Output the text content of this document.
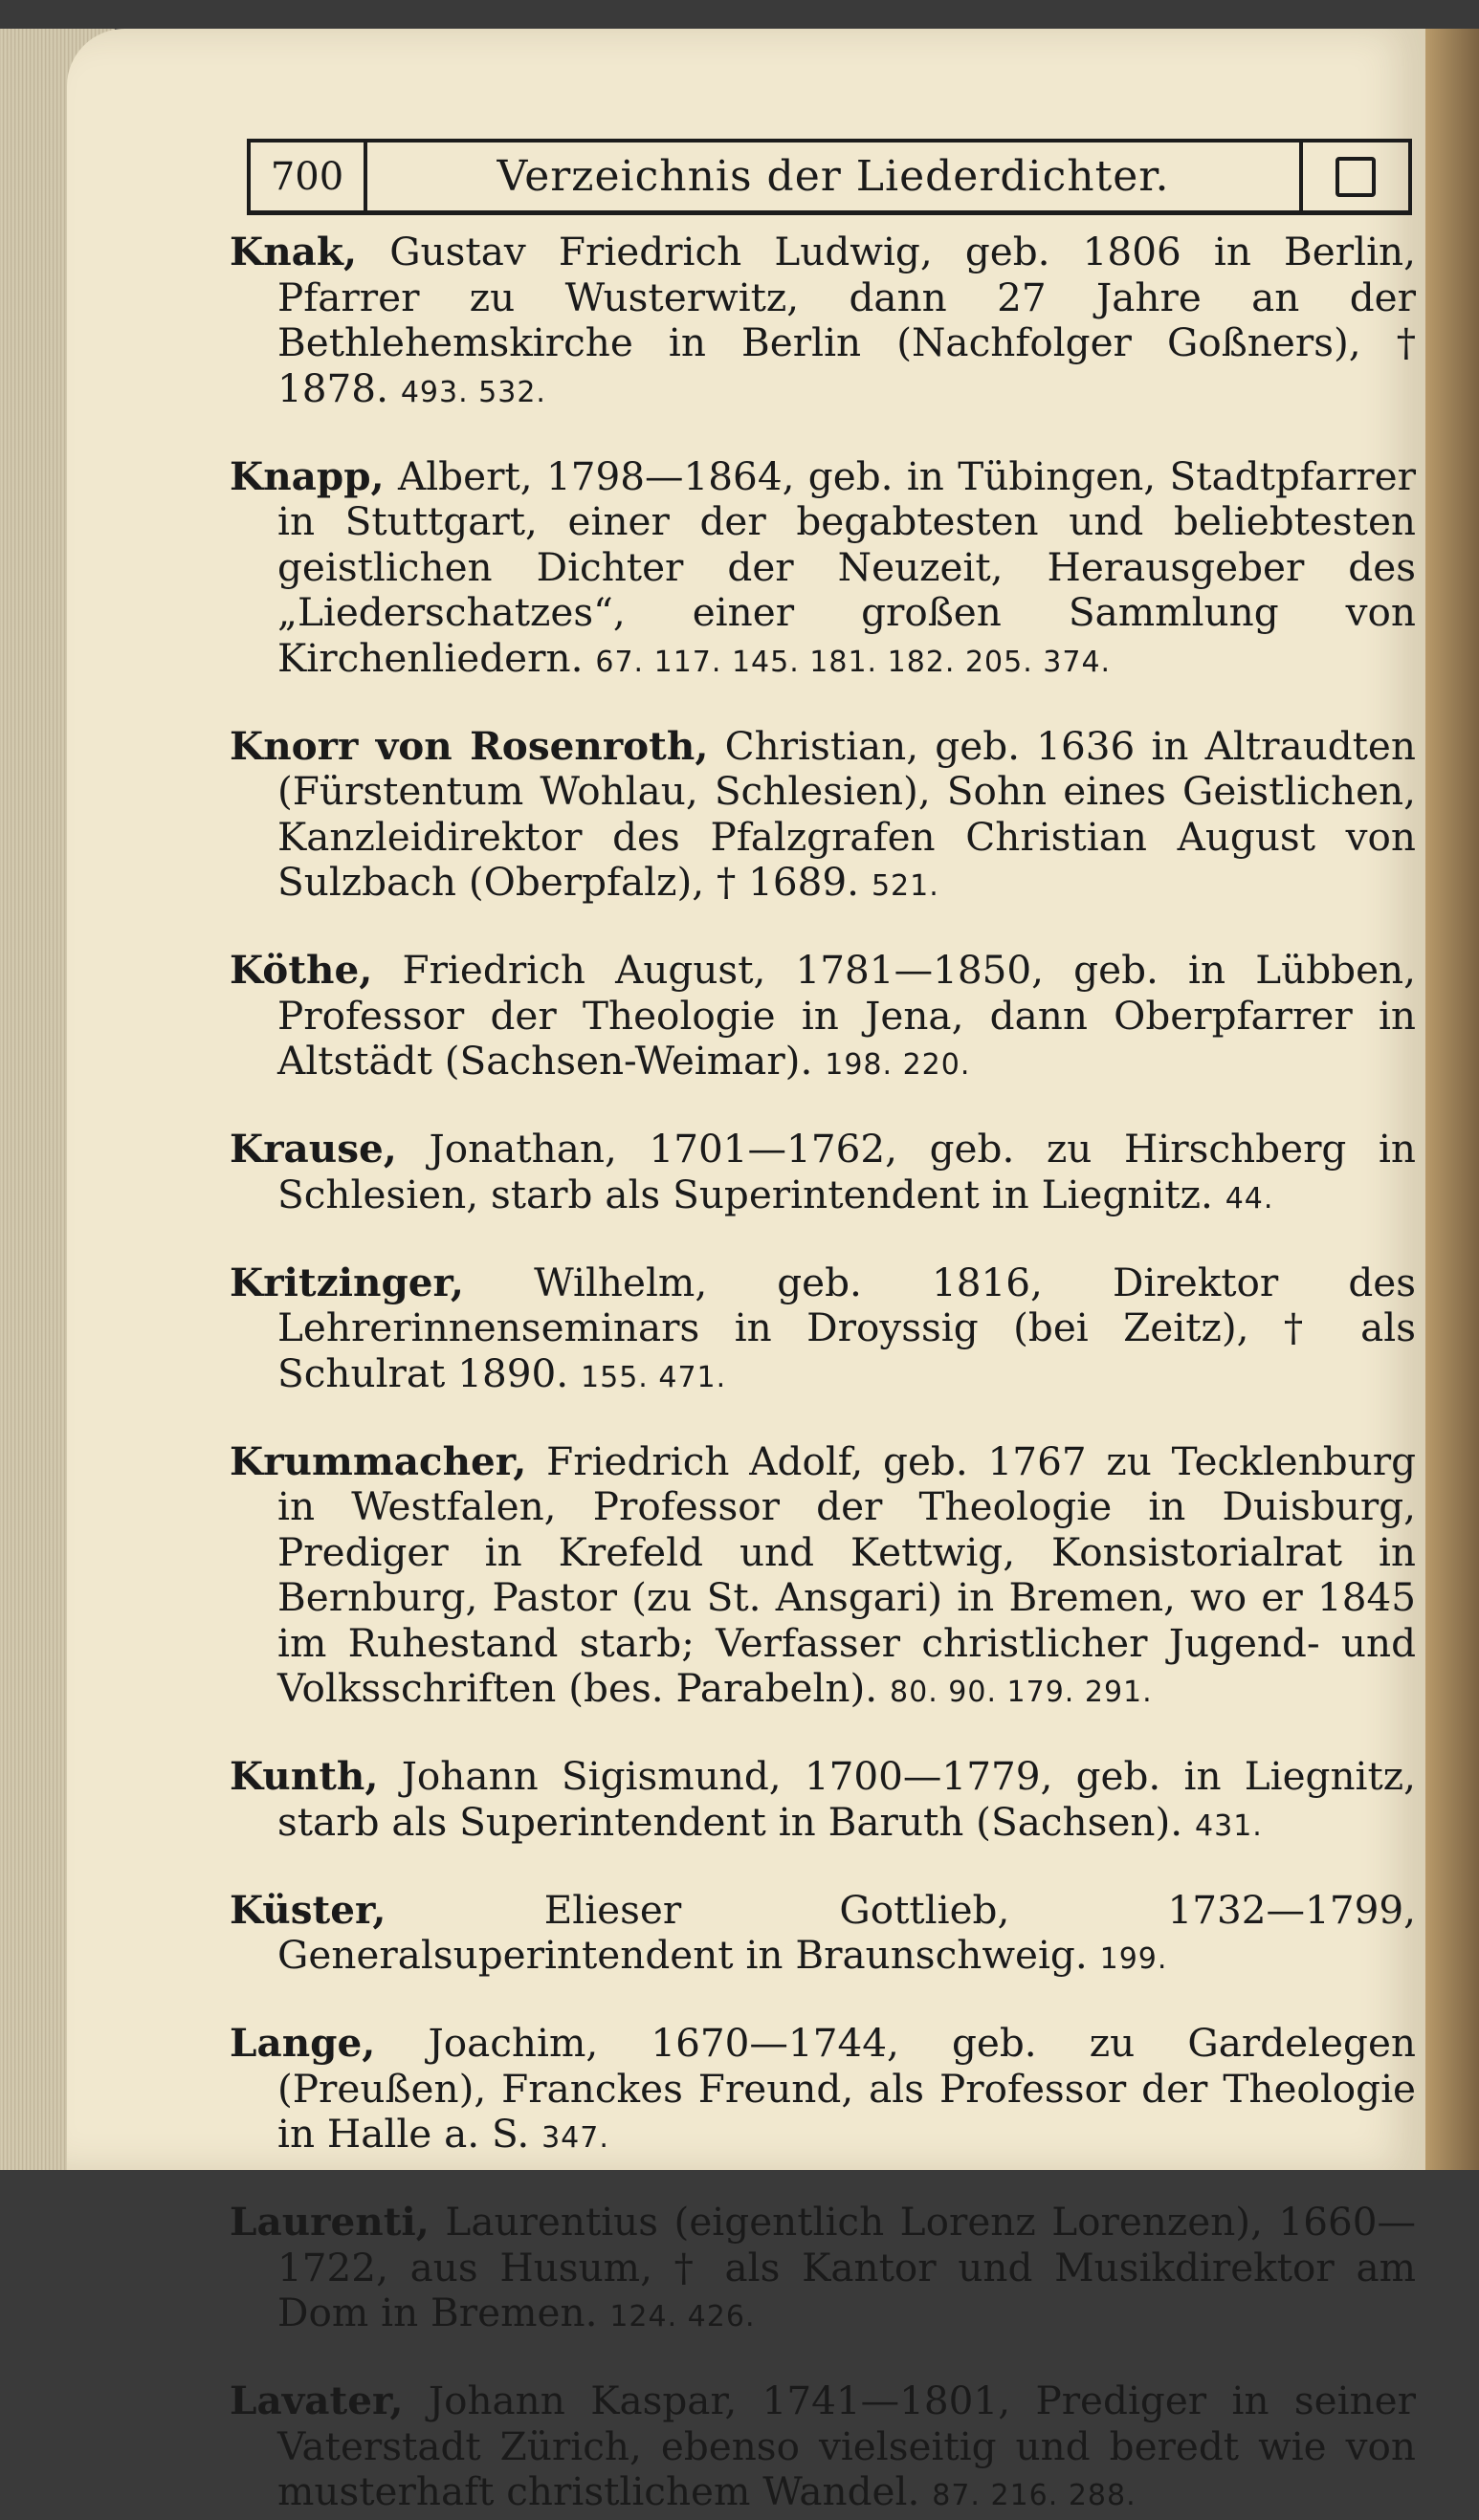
700	Verzeichnis der Liederdichter.

Knak, Gustav Friedrich Ludwig, geb. 1806 in Berlin, Pfarrer zu Wusterwitz, dann 27 Jahre an der Bethlehemskirche in Berlin (Nachfolger Goßners), † 1878. 493. 532.

Knapp, Albert, 1798—1864, geb. in Tübingen, Stadtpfarrer in Stuttgart, einer der begabtesten und beliebtesten geistlichen Dichter der Neuzeit, Herausgeber des „Liederschatzes“, einer großen Sammlung von Kirchenliedern. 67. 117. 145. 181. 182. 205. 374.

Knorr von Rosenroth, Christian, geb. 1636 in Altraudten (Fürstentum Wohlau, Schlesien), Sohn eines Geistlichen, Kanzleidirektor des Pfalzgrafen Christian August von Sulzbach (Oberpfalz), † 1689. 521.

Köthe, Friedrich August, 1781—1850, geb. in Lübben, Professor der Theologie in Jena, dann Oberpfarrer in Altstädt (Sachsen-Weimar). 198. 220.

Krause, Jonathan, 1701—1762, geb. zu Hirschberg in Schlesien, starb als Superintendent in Liegnitz. 44.

Kritzinger, Wilhelm, geb. 1816, Direktor des Lehrerinnenseminars in Droyssig (bei Zeitz), † als Schulrat 1890. 155. 471.

Krummacher, Friedrich Adolf, geb. 1767 zu Tecklenburg in Westfalen, Professor der Theologie in Duisburg, Prediger in Krefeld und Kettwig, Konsistorialrat in Bernburg, Pastor (zu St. Ansgari) in Bremen, wo er 1845 im Ruhestand starb; Verfasser christlicher Jugend- und Volksschriften (bes. Parabeln). 80. 90. 179. 291.

Kunth, Johann Sigismund, 1700—1779, geb. in Liegnitz, starb als Superintendent in Baruth (Sachsen). 431.

Küster,	Elieser Gottlieb, 1732—1799, Generalsuperintendent in Braunschweig. 199.

Lange, Joachim, 1670—1744, geb. zu Gardelegen (Preußen), Franckes Freund, als Professor der Theologie in Halle a. S. 347.

Laurenti, Laurentius (eigentlich Lorenz Lorenzen), 1660—1722, aus Husum, † als Kantor und Musikdirektor am Dom in Bremen. 124. 426.

Lavater, Johann Kaspar, 1741—1801, Prediger in seiner Vaterstadt Zürich, ebenso vielseitig und beredt wie von musterhaft christlichem Wandel. 87. 216. 288.
